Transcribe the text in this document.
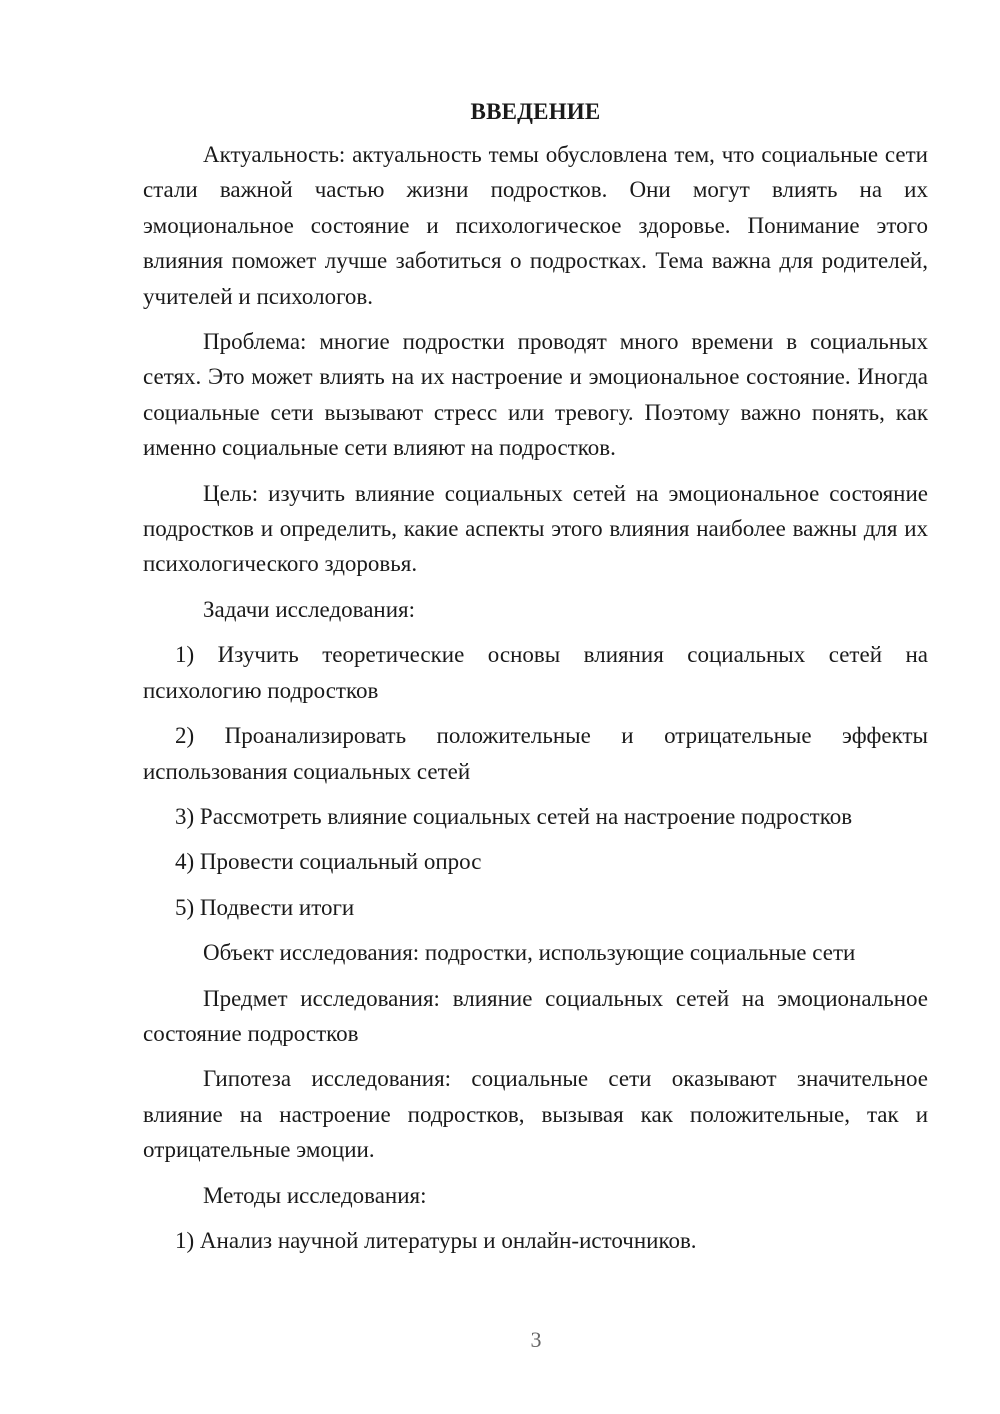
ВВЕДЕНИЕ

Актуальность: актуальность темы обусловлена тем, что социальные сети стали важной частью жизни подростков. Они могут влиять на их эмоциональное состояние и психологическое здоровье. Понимание этого влияния поможет лучше заботиться о подростках. Тема важна для родителей, учителей и психологов.

Проблема: многие подростки проводят много времени в социальных сетях. Это может влиять на их настроение и эмоциональное состояние. Иногда социальные сети вызывают стресс или тревогу. Поэтому важно понять, как именно социальные сети влияют на подростков.

Цель: изучить влияние социальных сетей на эмоциональное состояние подростков и определить, какие аспекты этого влияния наиболее важны для их психологического здоровья.

Задачи исследования:

1) Изучить теоретические основы влияния социальных сетей на психологию подростков

2) Проанализировать положительные и отрицательные эффекты использования социальных сетей

3) Рассмотреть влияние социальных сетей на настроение подростков

4) Провести социальный опрос

5) Подвести итоги

Объект исследования: подростки, использующие социальные сети

Предмет исследования: влияние социальных сетей на эмоциональное состояние подростков

Гипотеза исследования: социальные сети оказывают значительное влияние на настроение подростков, вызывая как положительные, так и отрицательные эмоции.

Методы исследования:

1) Анализ научной литературы и онлайн-источников.

3
